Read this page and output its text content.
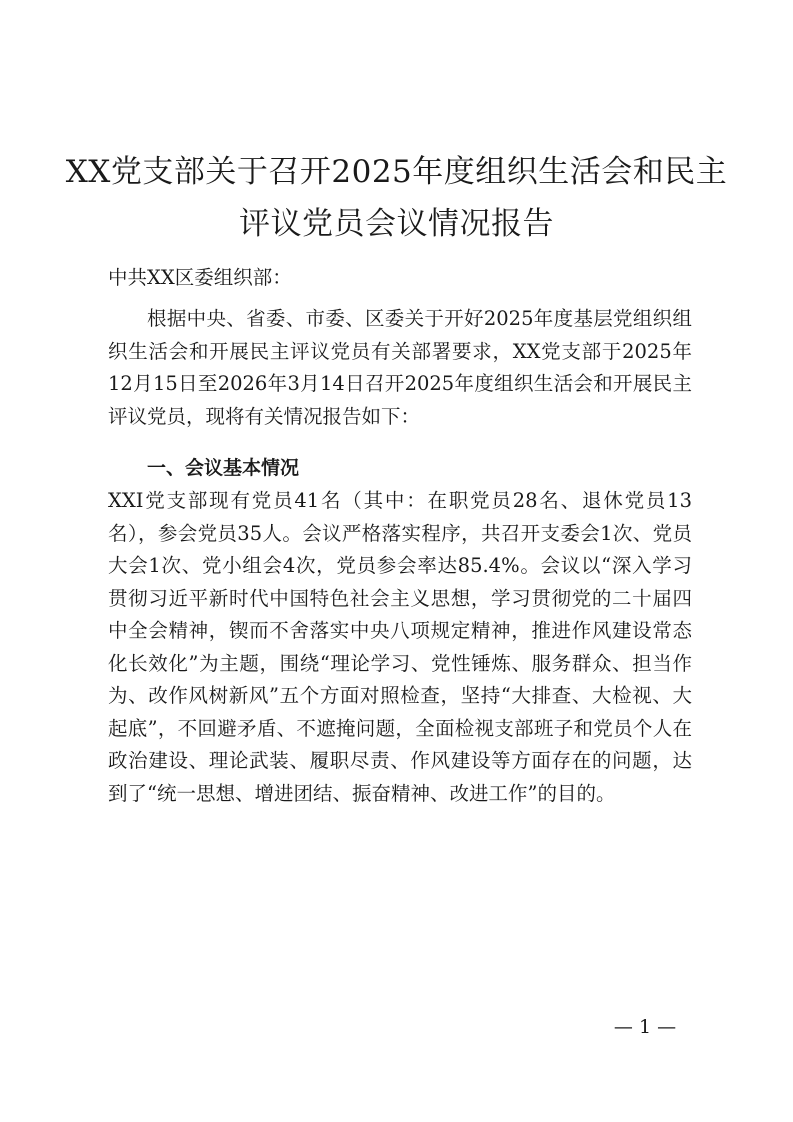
XX党支部关于召开2025年度组织生活会和民主评议党员会议情况报告

中共XX区委组织部：

根据中央、省委、市委、区委关于开好2025年度基层党组织组织生活会和开展民主评议党员有关部署要求，XX党支部于2025年12月15日至2026年3月14日召开2025年度组织生活会和开展民主评议党员，现将有关情况报告如下：

一、会议基本情况

XXI党支部现有党员41名（其中：在职党员28名、退休党员13名），参会党员35人。会议严格落实程序，共召开支委会1次、党员大会1次、党小组会4次，党员参会率达85.4%。会议以“深入学习贯彻习近平新时代中国特色社会主义思想，学习贯彻党的二十届四中全会精神，锲而不舍落实中央八项规定精神，推进作风建设常态化长效化”为主题，围绕“理论学习、党性锤炼、服务群众、担当作为、改作风树新风”五个方面对照检查，坚持“大排查、大检视、大起底”，不回避矛盾、不遮掩问题，全面检视支部班子和党员个人在政治建设、理论武装、履职尽责、作风建设等方面存在的问题，达到了“统一思想、增进团结、振奋精神、改进工作”的目的。

— 1 —
